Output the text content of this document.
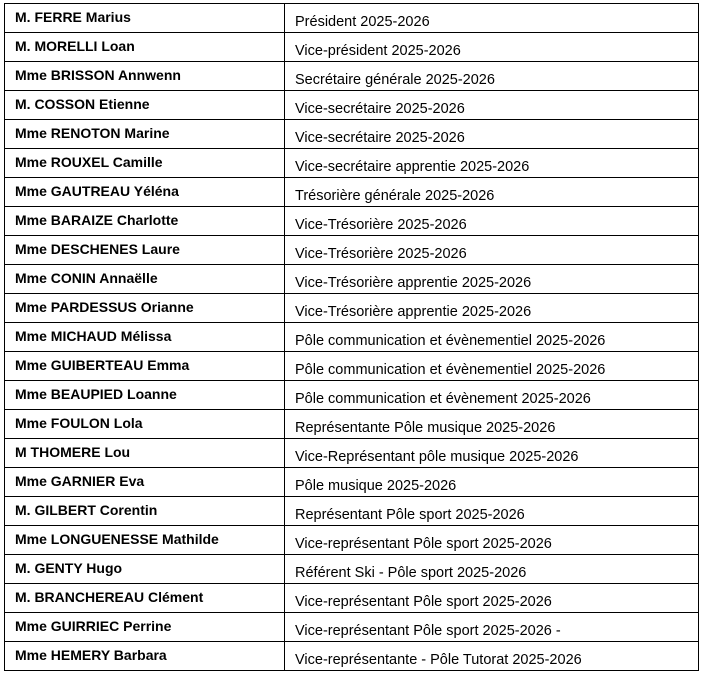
M. FERRE Marius	Président 2025-2026
M. MORELLI Loan	Vice-président 2025-2026
Mme BRISSON Annwenn	Secrétaire générale 2025-2026
M. COSSON Etienne	Vice-secrétaire 2025-2026
Mme RENOTON Marine	Vice-secrétaire 2025-2026
Mme ROUXEL Camille	Vice-secrétaire apprentie 2025-2026
Mme GAUTREAU Yéléna	Trésorière générale 2025-2026
Mme BARAIZE Charlotte	Vice-Trésorière 2025-2026
Mme DESCHENES Laure	Vice-Trésorière 2025-2026
Mme CONIN Annaëlle	Vice-Trésorière apprentie 2025-2026
Mme PARDESSUS Orianne	Vice-Trésorière apprentie 2025-2026
Mme MICHAUD Mélissa	Pôle communication et évènementiel 2025-2026
Mme GUIBERTEAU Emma	Pôle communication et évènementiel 2025-2026
Mme BEAUPIED Loanne	Pôle communication et évènement 2025-2026
Mme FOULON Lola	Représentante Pôle musique 2025-2026
M THOMERE Lou	Vice-Représentant pôle musique 2025-2026
Mme GARNIER Eva	Pôle musique 2025-2026
M. GILBERT Corentin	Représentant Pôle sport 2025-2026
Mme LONGUENESSE Mathilde	Vice-représentant Pôle sport 2025-2026
M. GENTY Hugo	Référent Ski - Pôle sport 2025-2026
M. BRANCHEREAU Clément	Vice-représentant Pôle sport 2025-2026
Mme GUIRRIEC Perrine	Vice-représentant Pôle sport 2025-2026 -
Mme HEMERY Barbara	Vice-représentante - Pôle Tutorat 2025-2026
